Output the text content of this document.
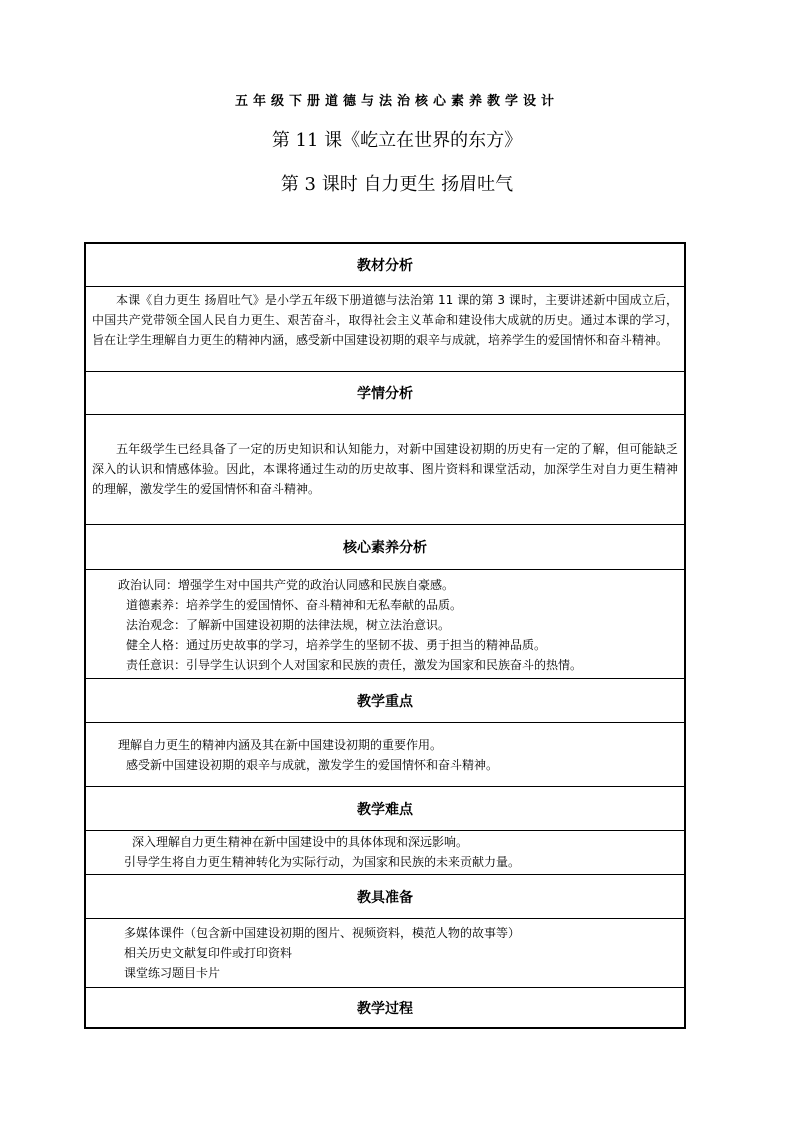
五年级下册道德与法治核心素养教学设计
第 11 课《屹立在世界的东方》
第 3 课时 自力更生 扬眉吐气
教材分析

本课《自力更生 扬眉吐气》是小学五年级下册道德与法治第 11 课的第 3 课时，主要讲述新中国成立后，中国共产党带领全国人民自力更生、艰苦奋斗，取得社会主义革命和建设伟大成就的历史。通过本课的学习，旨在让学生理解自力更生的精神内涵，感受新中国建设初期的艰辛与成就，培养学生的爱国情怀和奋斗精神。

学情分析

五年级学生已经具备了一定的历史知识和认知能力，对新中国建设初期的历史有一定的了解，但可能缺乏深入的认识和情感体验。因此，本课将通过生动的历史故事、图片资料和课堂活动，加深学生对自力更生精神的理解，激发学生的爱国情怀和奋斗精神。

核心素养分析

政治认同：增强学生对中国共产党的政治认同感和民族自豪感。

道德素养：培养学生的爱国情怀、奋斗精神和无私奉献的品质。

法治观念：了解新中国建设初期的法律法规，树立法治意识。

健全人格：通过历史故事的学习，培养学生的坚韧不拔、勇于担当的精神品质。

责任意识：引导学生认识到个人对国家和民族的责任，激发为国家和民族奋斗的热情。

教学重点

理解自力更生的精神内涵及其在新中国建设初期的重要作用。

感受新中国建设初期的艰辛与成就，激发学生的爱国情怀和奋斗精神。

教学难点

深入理解自力更生精神在新中国建设中的具体体现和深远影响。

引导学生将自力更生精神转化为实际行动，为国家和民族的未来贡献力量。

教具准备

多媒体课件（包含新中国建设初期的图片、视频资料，模范人物的故事等）

相关历史文献复印件或打印资料

课堂练习题目卡片

教学过程
